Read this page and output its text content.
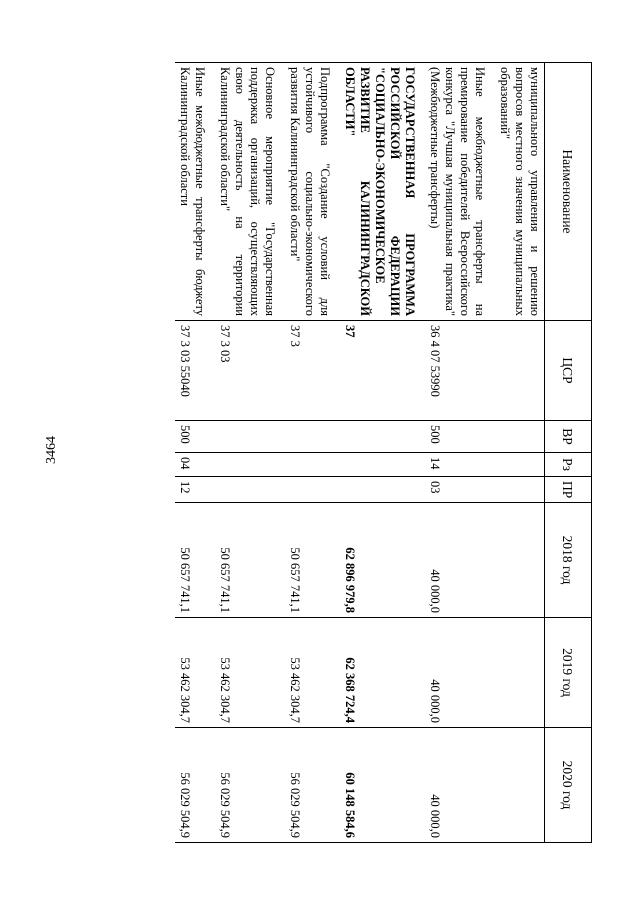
3464
Наименование	ЦСР	ВР	Рз	ПР	2018 год	2019 год	2020 год
муниципального управления и решению вопросов местного значения муниципальных образований"							

Иные межбюджетные трансферты на премирование победителей Всероссийского конкурса "Лучшая муниципальная практика" (Межбюджетные трансферты)	36 4 07 53990	500	14	03	40 000,0	40 000,0	40 000,0

ГОСУДАРСТВЕННАЯ ПРОГРАММА РОССИЙСКОЙ ФЕДЕРАЦИИ "СОЦИАЛЬНО-ЭКОНОМИЧЕСКОЕ РАЗВИТИЕ КАЛИНИНГРАДСКОЙ ОБЛАСТИ"	37				62 896 979,8	62 368 724,4	60 148 584,6

Подпрограмма "Создание условий для устойчивого социально-экономического развития Калининградской области"	37 3				50 657 741,1	53 462 304,7	56 029 504,9

Основное мероприятие "Государственная поддержка организаций, осуществляющих свою деятельность на территории Калининградской области"	37 3 03				50 657 741,1	53 462 304,7	56 029 504,9

Иные межбюджетные трансферты бюджету Калининградской области	37 3 03 55040	500	04	12	50 657 741,1	53 462 304,7	56 029 504,9
